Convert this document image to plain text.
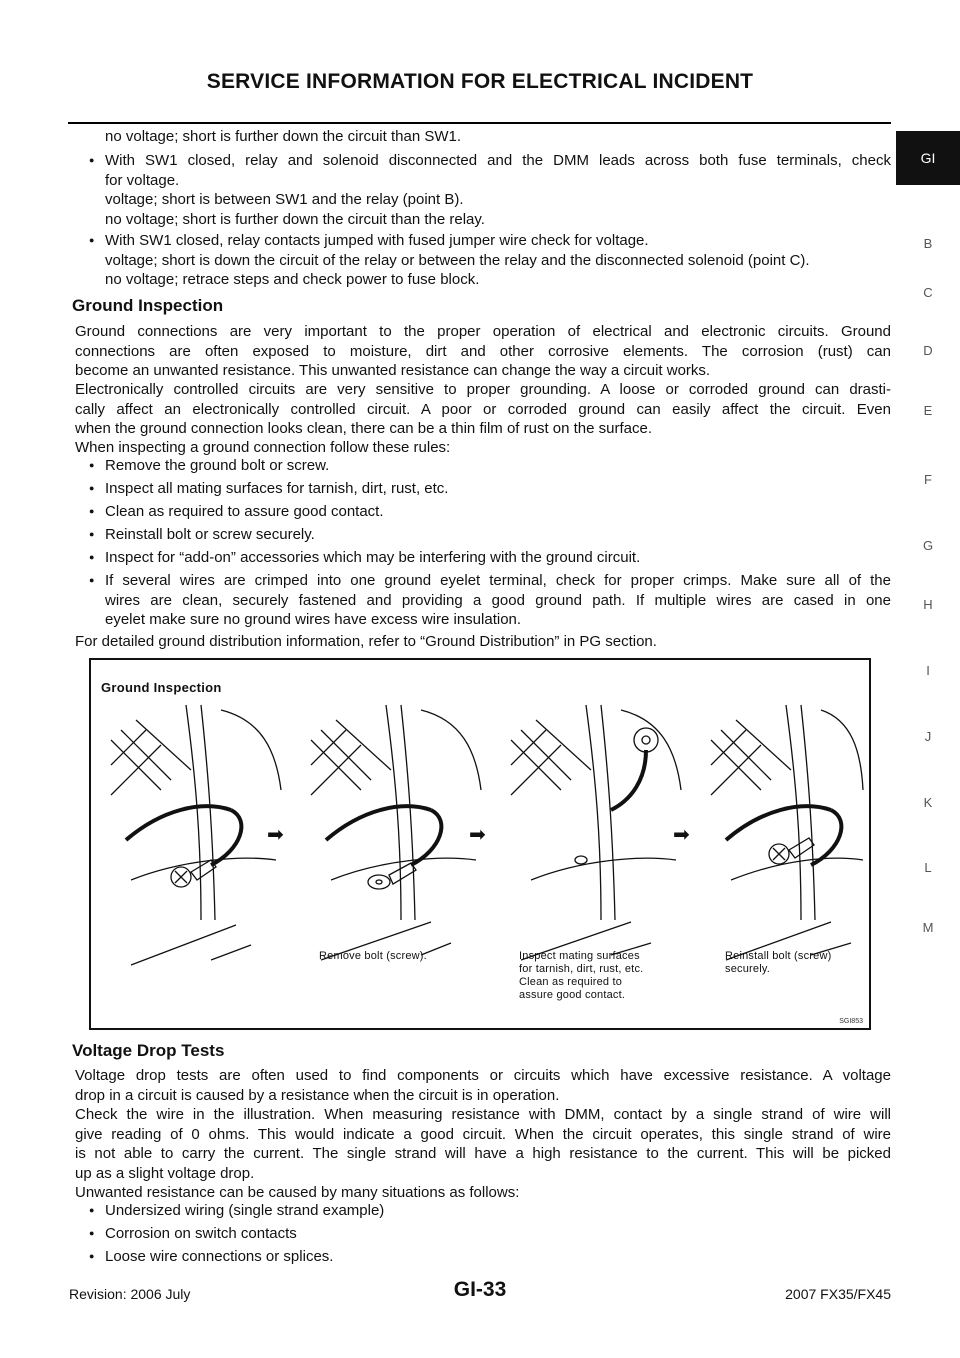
SERVICE INFORMATION FOR ELECTRICAL INCIDENT
GI
B
C
D
E
F
G
H
I
J
K
L
M
no voltage; short is further down the circuit than SW1.
● With SW1 closed, relay and solenoid disconnected and the DMM leads across both fuse terminals, check
for voltage.
voltage; short is between SW1 and the relay (point B).
no voltage; short is further down the circuit than the relay.
● With SW1 closed, relay contacts jumped with fused jumper wire check for voltage.
voltage; short is down the circuit of the relay or between the relay and the disconnected solenoid (point C).
no voltage; retrace steps and check power to fuse block.
Ground Inspection
Ground connections are very important to the proper operation of electrical and electronic circuits. Ground
connections are often exposed to moisture, dirt and other corrosive elements. The corrosion (rust) can
become an unwanted resistance. This unwanted resistance can change the way a circuit works.
Electronically controlled circuits are very sensitive to proper grounding. A loose or corroded ground can drasti-
cally affect an electronically controlled circuit. A poor or corroded ground can easily affect the circuit. Even
when the ground connection looks clean, there can be a thin film of rust on the surface.
When inspecting a ground connection follow these rules:
● Remove the ground bolt or screw.
● Inspect all mating surfaces for tarnish, dirt, rust, etc.
● Clean as required to assure good contact.
● Reinstall bolt or screw securely.
● Inspect for “add-on” accessories which may be interfering with the ground circuit.
● If several wires are crimped into one ground eyelet terminal, check for proper crimps. Make sure all of the
wires are clean, securely fastened and providing a good ground path. If multiple wires are cased in one
eyelet make sure no ground wires have excess wire insulation.
For detailed ground distribution information, refer to “Ground Distribution” in PG section.
Ground Inspection
➡	➡	➡
Remove bolt (screw).	Inspect mating surfaces
for tarnish, dirt, rust, etc.
Clean as required to
assure good contact.
Reinstall bolt (screw)
securely.
SGI853
Voltage Drop Tests
Voltage drop tests are often used to find components or circuits which have excessive resistance. A voltage
drop in a circuit is caused by a resistance when the circuit is in operation.
Check the wire in the illustration. When measuring resistance with DMM, contact by a single strand of wire will
give reading of 0 ohms. This would indicate a good circuit. When the circuit operates, this single strand of wire
is not able to carry the current. The single strand will have a high resistance to the current. This will be picked
up as a slight voltage drop.
Unwanted resistance can be caused by many situations as follows:
● Undersized wiring (single strand example)
● Corrosion on switch contacts
● Loose wire connections or splices.
Revision: 2006 July	GI-33	2007 FX35/FX45
